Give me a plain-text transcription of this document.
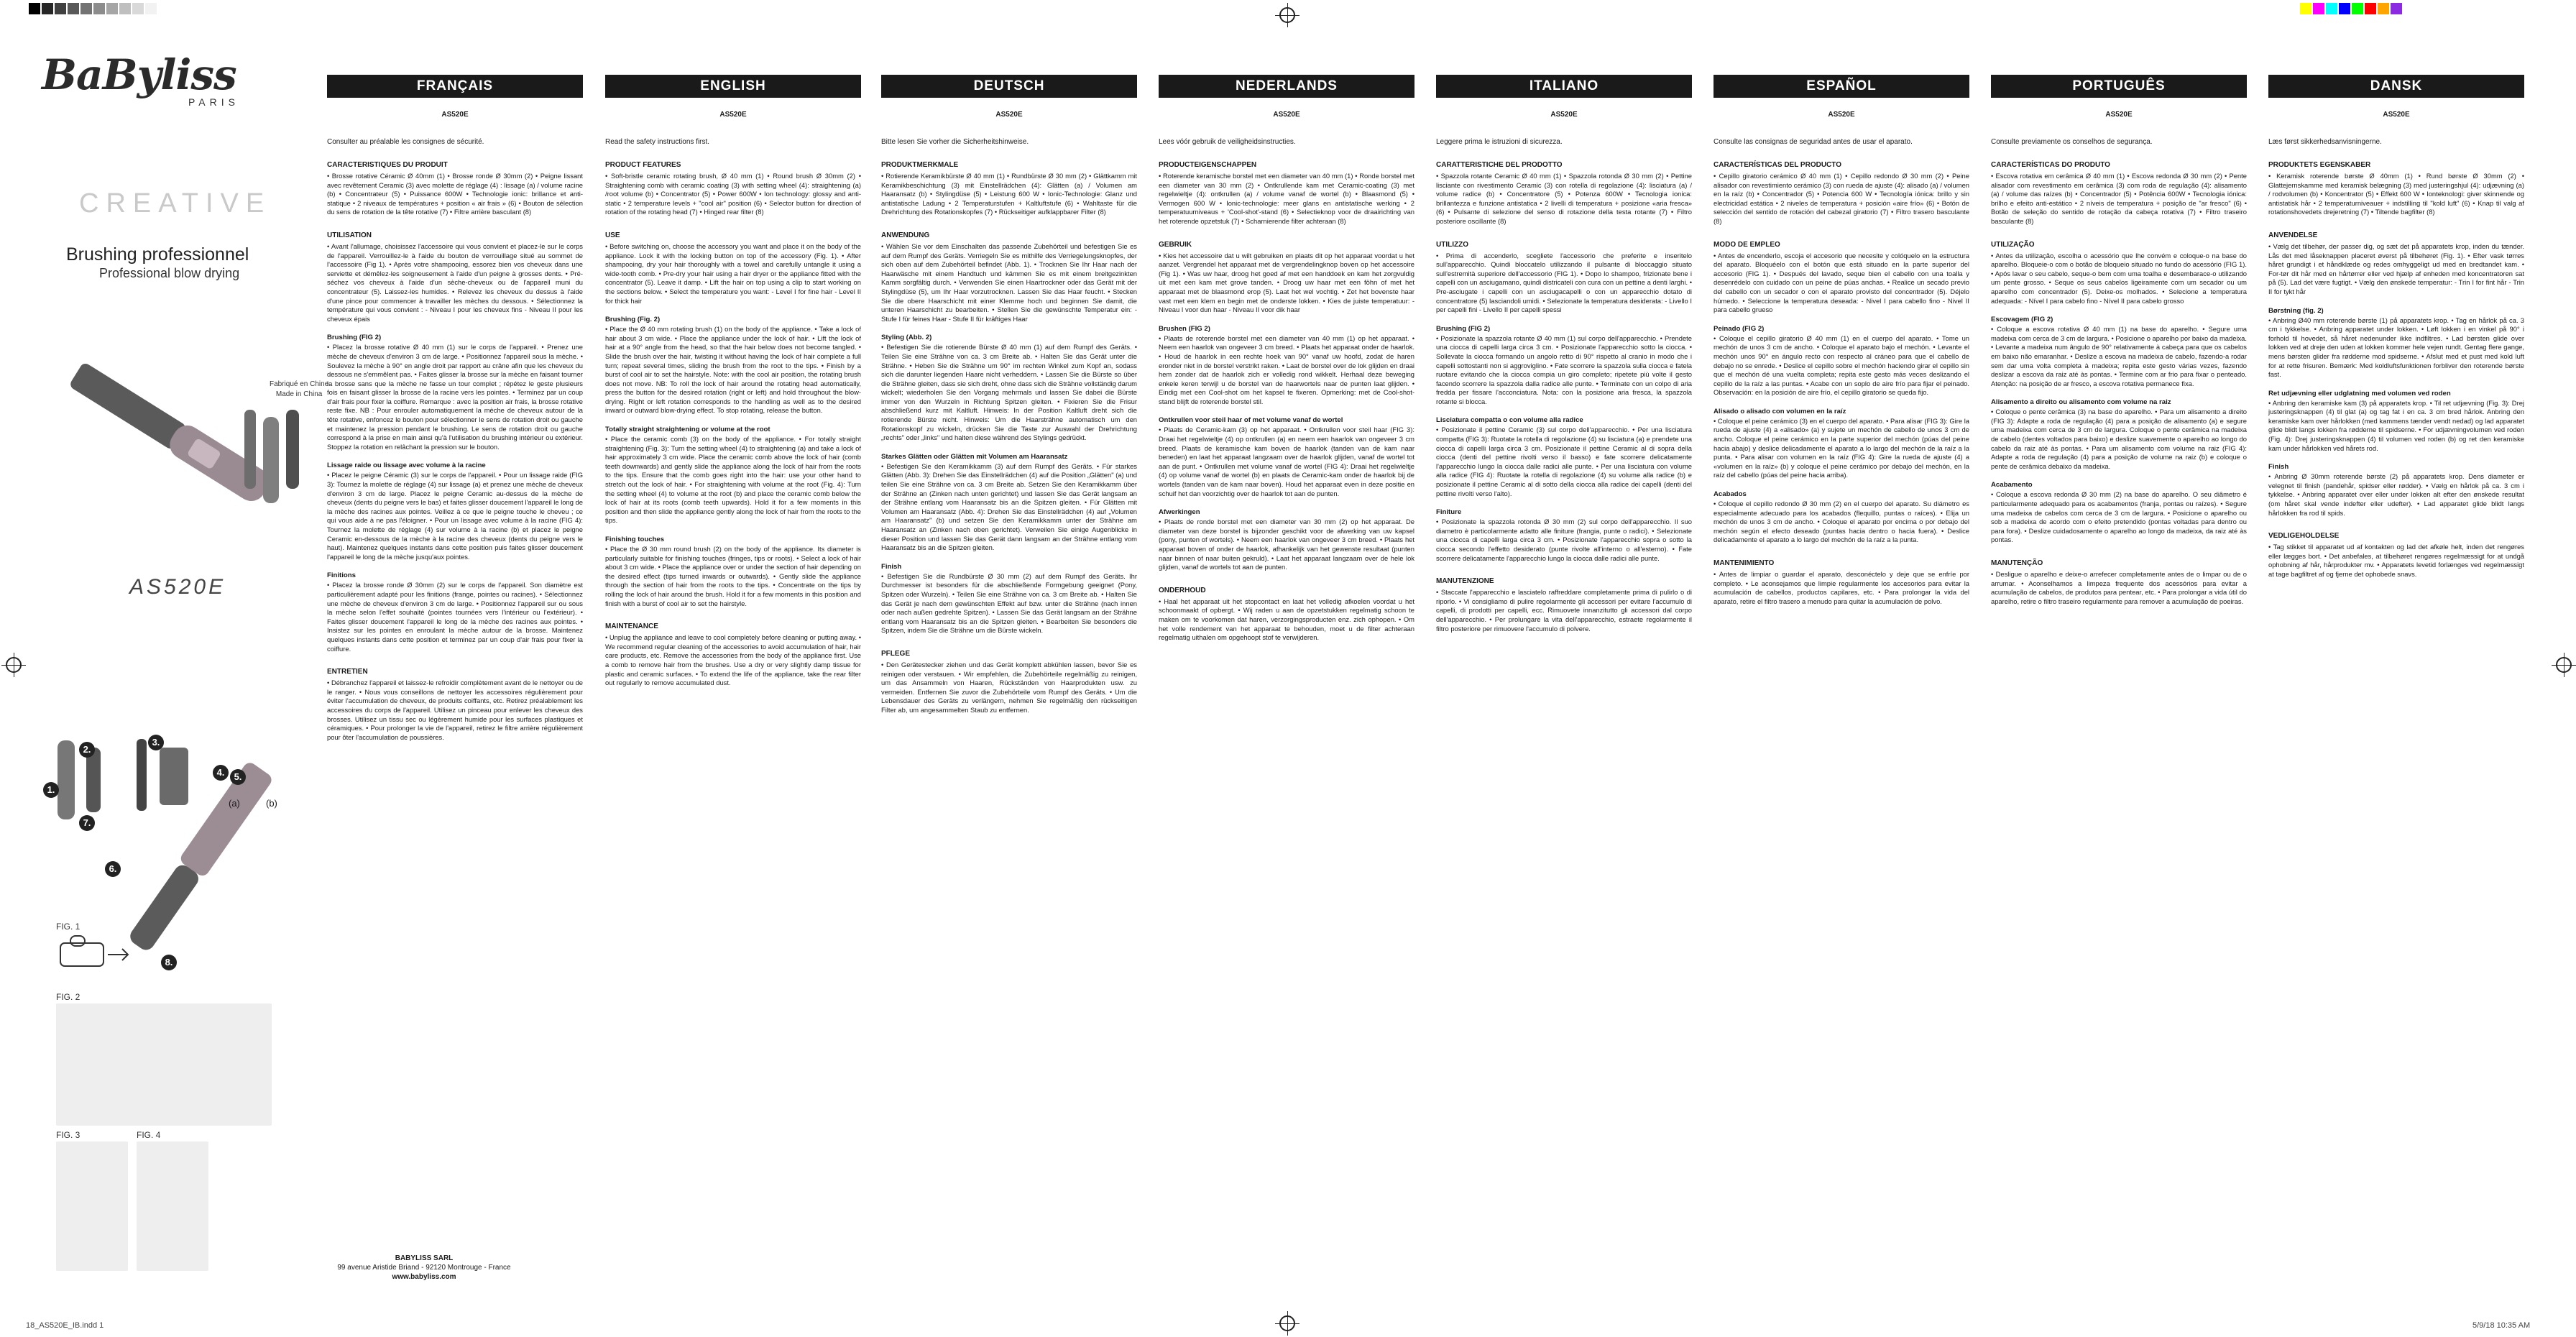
18_AS520E_IB.indd 1	5/9/18 10:35 AM
BaByliss
PARIS
CREATIVE
Brushing professionnel
Professional blow drying
Fabriqué en Chine
Made in China
AS520E
1.
2.
3.
4.	5.
6.
7.
8.
(a)	(b)
FIG. 1
FIG. 2
FIG. 3	FIG. 4
BABYLISS SARL
99 avenue Aristide Briand - 92120 Montrouge - France
www.babyliss.com
FRANÇAIS
AS520E
Consulter au préalable les consignes de sécurité.
CARACTERISTIQUES DU PRODUIT

• Brosse rotative Céramic Ø 40mm (1) • Brosse ronde Ø 30mm (2) • Peigne lissant avec revêtement Ceramic (3) avec molette de réglage (4) : lissage (a) / volume racine (b) • Concentrateur (5) • Puissance 600W • Technologie ionic: brillance et anti-statique • 2 niveaux de températures + position « air frais » (6) • Bouton de sélection du sens de rotation de la tête rotative (7) • Filtre arrière basculant (8)

UTILISATION

• Avant l'allumage, choisissez l'accessoire qui vous convient et placez-le sur le corps de l'appareil. Verrouillez-le à l'aide du bouton de verrouillage situé au sommet de l'accessoire (Fig 1). • Après votre shampooing, essorez bien vos cheveux dans une serviette et démêlez-les soigneusement à l'aide d'un peigne à grosses dents. • Pré-séchez vos cheveux à l'aide d'un sèche-cheveux ou de l'appareil muni du concentrateur (5). Laissez-les humides. • Relevez les cheveux du dessus à l'aide d'une pince pour commencer à travailler les mèches du dessous. • Sélectionnez la température qui vous convient : - Niveau I pour les cheveux fins - Niveau II pour les cheveux épais

Brushing (FIG 2)

• Placez la brosse rotative Ø 40 mm (1) sur le corps de l'appareil. • Prenez une mèche de cheveux d'environ 3 cm de large. • Positionnez l'appareil sous la mèche. • Soulevez la mèche à 90° en angle droit par rapport au crâne afin que les cheveux du dessous ne s'emmêlent pas. • Faites glisser la brosse sur la mèche en faisant tourner la brosse sans que la mèche ne fasse un tour complet ; répétez le geste plusieurs fois en faisant glisser la brosse de la racine vers les pointes. • Terminez par un coup d'air frais pour fixer la coiffure. Remarque : avec la position air frais, la brosse rotative reste fixe. NB : Pour enrouler automatiquement la mèche de cheveux autour de la tête rotative, enfoncez le bouton pour sélectionner le sens de rotation droit ou gauche et maintenez la pression pendant le brushing. Le sens de rotation droit ou gauche correspond à la prise en main ainsi qu'à l'utilisation du brushing intérieur ou extérieur. Stoppez la rotation en relâchant la pression sur le bouton.

Lissage raide ou lissage avec volume à la racine

• Placez le peigne Céramic (3) sur le corps de l'appareil. • Pour un lissage raide (FIG 3): Tournez la molette de réglage (4) sur lissage (a) et prenez une mèche de cheveux d'environ 3 cm de large. Placez le peigne Ceramic au-dessus de la mèche de cheveux (dents du peigne vers le bas) et faites glisser doucement l'appareil le long de la mèche des racines aux pointes. Veillez à ce que le peigne touche le cheveu ; ce qui vous aide à ne pas l'éloigner. • Pour un lissage avec volume à la racine (FIG 4): Tournez la molette de réglage (4) sur volume à la racine (b) et placez le peigne Ceramic en-dessous de la mèche à la racine des cheveux (dents du peigne vers le haut). Maintenez quelques instants dans cette position puis faites glisser doucement l'appareil le long de la mèche jusqu'aux pointes.

Finitions

• Placez la brosse ronde Ø 30mm (2) sur le corps de l'appareil. Son diamètre est particulièrement adapté pour les finitions (frange, pointes ou racines). • Sélectionnez une mèche de cheveux d'environ 3 cm de large. • Positionnez l'appareil sur ou sous la mèche selon l'effet souhaité (pointes tournées vers l'intérieur ou l'extérieur). • Faites glisser doucement l'appareil le long de la mèche des racines aux pointes. • Insistez sur les pointes en enroulant la mèche autour de la brosse. Maintenez quelques instants dans cette position et terminez par un coup d'air frais pour fixer la coiffure.

ENTRETIEN

• Débranchez l'appareil et laissez-le refroidir complètement avant de le nettoyer ou de le ranger. • Nous vous conseillons de nettoyer les accessoires régulièrement pour éviter l'accumulation de cheveux, de produits coiffants, etc. Retirez préalablement les accessoires du corps de l'appareil. Utilisez un pinceau pour enlever les cheveux des brosses. Utilisez un tissu sec ou légèrement humide pour les surfaces plastiques et céramiques. • Pour prolonger la vie de l'appareil, retirez le filtre arrière régulièrement pour ôter l'accumulation de poussières.

ENGLISH
AS520E
Read the safety instructions first.
PRODUCT FEATURES

• Soft-bristle ceramic rotating brush, Ø 40 mm (1) • Round brush Ø 30mm (2) • Straightening comb with ceramic coating (3) with setting wheel (4): straightening (a) /root volume (b) • Concentrator (5) • Power 600W • Ion technology: glossy and anti-static • 2 temperature levels + "cool air" position (6) • Selector button for direction of rotation of the rotating head (7) • Hinged rear filter (8)

USE

• Before switching on, choose the accessory you want and place it on the body of the appliance. Lock it with the locking button on top of the accessory (Fig. 1). • After shampooing, dry your hair thoroughly with a towel and carefully untangle it using a wide-tooth comb. • Pre-dry your hair using a hair dryer or the appliance fitted with the concentrator (5). Leave it damp. • Lift the hair on top using a clip to start working on the sections below. • Select the temperature you want: - Level I for fine hair - Level II for thick hair

Brushing (Fig. 2)

• Place the Ø 40 mm rotating brush (1) on the body of the appliance. • Take a lock of hair about 3 cm wide. • Place the appliance under the lock of hair. • Lift the lock of hair at a 90° angle from the head, so that the hair below does not become tangled. • Slide the brush over the hair, twisting it without having the lock of hair complete a full turn; repeat several times, sliding the brush from the root to the tips. • Finish by a burst of cool air to set the hairstyle. Note: with the cool air position, the rotating brush does not move. NB: To roll the lock of hair around the rotating head automatically, press the button for the desired rotation (right or left) and hold throughout the blow-drying. Right or left rotation corresponds to the handling as well as to the desired inward or outward blow-drying effect. To stop rotating, release the button.

Totally straight straightening or volume at the root

• Place the ceramic comb (3) on the body of the appliance. • For totally straight straightening (Fig. 3): Turn the setting wheel (4) to straightening (a) and take a lock of hair approximately 3 cm wide. Place the ceramic comb above the lock of hair (comb teeth downwards) and gently slide the appliance along the lock of hair from the roots to the tips. Ensure that the comb goes right into the hair: use your other hand to stretch out the lock of hair. • For straightening with volume at the root (Fig. 4): Turn the setting wheel (4) to volume at the root (b) and place the ceramic comb below the lock of hair at its roots (comb teeth upwards). Hold it for a few moments in this position and then slide the appliance gently along the lock of hair from the roots to the tips.

Finishing touches

• Place the Ø 30 mm round brush (2) on the body of the appliance. Its diameter is particularly suitable for finishing touches (fringes, tips or roots). • Select a lock of hair about 3 cm wide. • Place the appliance over or under the section of hair depending on the desired effect (tips turned inwards or outwards). • Gently slide the appliance through the section of hair from the roots to the tips. • Concentrate on the tips by rolling the lock of hair around the brush. Hold it for a few moments in this position and finish with a burst of cool air to set the hairstyle.

MAINTENANCE

• Unplug the appliance and leave to cool completely before cleaning or putting away. • We recommend regular cleaning of the accessories to avoid accumulation of hair, hair care products, etc. Remove the accessories from the body of the appliance first. Use a comb to remove hair from the brushes. Use a dry or very slightly damp tissue for plastic and ceramic surfaces. • To extend the life of the appliance, take the rear filter out regularly to remove accumulated dust.

DEUTSCH
AS520E
Bitte lesen Sie vorher die Sicherheitshinweise.
PRODUKTMERKMALE

• Rotierende Keramikbürste Ø 40 mm (1) • Rundbürste Ø 30 mm (2) • Glättkamm mit Keramikbeschichtung (3) mit Einstellrädchen (4): Glätten (a) / Volumen am Haaransatz (b) • Stylingdüse (5) • Leistung 600 W • Ionic-Technologie: Glanz und antistatische Ladung • 2 Temperaturstufen + Kaltluftstufe (6) • Wahltaste für die Drehrichtung des Rotationskopfes (7) • Rückseitiger aufklappbarer Filter (8)

ANWENDUNG

• Wählen Sie vor dem Einschalten das passende Zubehörteil und befestigen Sie es auf dem Rumpf des Geräts. Verriegeln Sie es mithilfe des Verriegelungsknopfes, der sich oben auf dem Zubehörteil befindet (Abb. 1). • Trocknen Sie Ihr Haar nach der Haarwäsche mit einem Handtuch und kämmen Sie es mit einem breitgezinkten Kamm sorgfältig durch. • Verwenden Sie einen Haartrockner oder das Gerät mit der Stylingdüse (5), um Ihr Haar vorzutrocknen. Lassen Sie das Haar feucht. • Stecken Sie die obere Haarschicht mit einer Klemme hoch und beginnen Sie damit, die unteren Haarschicht zu bearbeiten. • Stellen Sie die gewünschte Temperatur ein: - Stufe I für feines Haar - Stufe II für kräftiges Haar

Styling (Abb. 2)

• Befestigen Sie die rotierende Bürste Ø 40 mm (1) auf dem Rumpf des Geräts. • Teilen Sie eine Strähne von ca. 3 cm Breite ab. • Halten Sie das Gerät unter die Strähne. • Heben Sie die Strähne um 90° im rechten Winkel zum Kopf an, sodass sich die darunter liegenden Haare nicht verheddern. • Lassen Sie die Bürste so über die Strähne gleiten, dass sie sich dreht, ohne dass sich die Strähne vollständig darum wickelt; wiederholen Sie den Vorgang mehrmals und lassen Sie dabei die Bürste immer von den Wurzeln in Richtung Spitzen gleiten. • Fixieren Sie die Frisur abschließend kurz mit Kaltluft. Hinweis: In der Position Kaltluft dreht sich die rotierende Bürste nicht. Hinweis: Um die Haarsträhne automatisch um den Rotationskopf zu wickeln, drücken Sie die Taste zur Auswahl der Drehrichtung „rechts" oder „links" und halten diese während des Stylings gedrückt.

Starkes Glätten oder Glätten mit Volumen am Haaransatz

• Befestigen Sie den Keramikkamm (3) auf dem Rumpf des Geräts. • Für starkes Glätten (Abb. 3): Drehen Sie das Einstellrädchen (4) auf die Position „Glätten" (a) und teilen Sie eine Strähne von ca. 3 cm Breite ab. Setzen Sie den Keramikkamm über der Strähne an (Zinken nach unten gerichtet) und lassen Sie das Gerät langsam an der Strähne entlang vom Haaransatz bis an die Spitzen gleiten. • Für Glätten mit Volumen am Haaransatz (Abb. 4): Drehen Sie das Einstellrädchen (4) auf „Volumen am Haaransatz" (b) und setzen Sie den Keramikkamm unter der Strähne am Haaransatz an (Zinken nach oben gerichtet). Verweilen Sie einige Augenblicke in dieser Position und lassen Sie das Gerät dann langsam an der Strähne entlang vom Haaransatz bis an die Spitzen gleiten.

Finish

• Befestigen Sie die Rundbürste Ø 30 mm (2) auf dem Rumpf des Geräts. Ihr Durchmesser ist besonders für die abschließende Formgebung geeignet (Pony, Spitzen oder Wurzeln). • Teilen Sie eine Strähne von ca. 3 cm Breite ab. • Halten Sie das Gerät je nach dem gewünschten Effekt auf bzw. unter die Strähne (nach innen oder nach außen gedrehte Spitzen). • Lassen Sie das Gerät langsam an der Strähne entlang vom Haaransatz bis an die Spitzen gleiten. • Bearbeiten Sie besonders die Spitzen, indem Sie die Strähne um die Bürste wickeln.

PFLEGE

• Den Gerätestecker ziehen und das Gerät komplett abkühlen lassen, bevor Sie es reinigen oder verstauen. • Wir empfehlen, die Zubehörteile regelmäßig zu reinigen, um das Ansammeln von Haaren, Rückständen von Haarprodukten usw. zu vermeiden. Entfernen Sie zuvor die Zubehörteile vom Rumpf des Geräts. • Um die Lebensdauer des Geräts zu verlängern, nehmen Sie regelmäßig den rückseitigen Filter ab, um angesammelten Staub zu entfernen.

NEDERLANDS
AS520E
Lees vóór gebruik de veiligheidsinstructies.
PRODUCTEIGENSCHAPPEN

• Roterende keramische borstel met een diameter van 40 mm (1) • Ronde borstel met een diameter van 30 mm (2) • Ontkrullende kam met Ceramic-coating (3) met regelwieltje (4): ontkrullen (a) / volume vanaf de wortel (b) • Blaasmond (5) • Vermogen 600 W • Ionic-technologie: meer glans en antistatische werking • 2 temperatuurniveaus + 'Cool-shot'-stand (6) • Selectieknop voor de draairichting van het roterende opzetstuk (7) • Scharnierende filter achteraan (8)

GEBRUIK

• Kies het accessoire dat u wilt gebruiken en plaats dit op het apparaat voordat u het aanzet. Vergrendel het apparaat met de vergrendelingknop boven op het accessoire (Fig 1). • Was uw haar, droog het goed af met een handdoek en kam het zorgvuldig uit met een kam met grove tanden. • Droog uw haar met een föhn of met het apparaat met de blaasmond erop (5). Laat het wel vochtig. • Zet het bovenste haar vast met een klem en begin met de onderste lokken. • Kies de juiste temperatuur: - Niveau I voor dun haar - Niveau II voor dik haar

Brushen (FIG 2)

• Plaats de roterende borstel met een diameter van 40 mm (1) op het apparaat. • Neem een haarlok van ongeveer 3 cm breed. • Plaats het apparaat onder de haarlok. • Houd de haarlok in een rechte hoek van 90° vanaf uw hoofd, zodat de haren eronder niet in de borstel verstrikt raken. • Laat de borstel over de lok glijden en draai hem zonder dat de haarlok zich er volledig rond wikkelt. Herhaal deze beweging enkele keren terwijl u de borstel van de haarwortels naar de punten laat glijden. • Eindig met een Cool-shot om het kapsel te fixeren. Opmerking: met de Cool-shot-stand blijft de roterende borstel stil.

Ontkrullen voor steil haar of met volume vanaf de wortel

• Plaats de Ceramic-kam (3) op het apparaat. • Ontkrullen voor steil haar (FIG 3): Draai het regelwieltje (4) op ontkrullen (a) en neem een haarlok van ongeveer 3 cm breed. Plaats de keramische kam boven de haarlok (tanden van de kam naar beneden) en laat het apparaat langzaam over de haarlok glijden, vanaf de wortel tot aan de punt. • Ontkrullen met volume vanaf de wortel (FIG 4): Draai het regelwieltje (4) op volume vanaf de wortel (b) en plaats de Ceramic-kam onder de haarlok bij de wortels (tanden van de kam naar boven). Houd het apparaat even in deze positie en schuif het dan voorzichtig over de haarlok tot aan de punten.

Afwerkingen

• Plaats de ronde borstel met een diameter van 30 mm (2) op het apparaat. De diameter van deze borstel is bijzonder geschikt voor de afwerking van uw kapsel (pony, punten of wortels). • Neem een haarlok van ongeveer 3 cm breed. • Plaats het apparaat boven of onder de haarlok, afhankelijk van het gewenste resultaat (punten naar binnen of naar buiten gekruld). • Laat het apparaat langzaam over de hele lok glijden, vanaf de wortels tot aan de punten.

ONDERHOUD

• Haal het apparaat uit het stopcontact en laat het volledig afkoelen voordat u het schoonmaakt of opbergt. • Wij raden u aan de opzetstukken regelmatig schoon te maken om te voorkomen dat haren, verzorgingsproducten enz. zich ophopen. • Om het volle rendement van het apparaat te behouden, moet u de filter achteraan regelmatig uithalen om opgehoopt stof te verwijderen.

ITALIANO
AS520E
Leggere prima le istruzioni di sicurezza.
CARATTERISTICHE DEL PRODOTTO

• Spazzola rotante Ceramic Ø 40 mm (1) • Spazzola rotonda Ø 30 mm (2) • Pettine lisciante con rivestimento Ceramic (3) con rotella di regolazione (4): lisciatura (a) / volume radice (b) • Concentratore (5) • Potenza 600W • Tecnologia ionica: brillantezza e funzione antistatica • 2 livelli di temperatura + posizione «aria fresca» (6) • Pulsante di selezione del senso di rotazione della testa rotante (7) • Filtro posteriore oscillante (8)

UTILIZZO

• Prima di accenderlo, scegliete l'accessorio che preferite e inseritelo sull'apparecchio. Quindi bloccatelo utilizzando il pulsante di bloccaggio situato sull'estremità superiore dell'accessorio (FIG 1). • Dopo lo shampoo, frizionate bene i capelli con un asciugamano, quindi districateli con cura con un pettine a denti larghi. • Pre-asciugate i capelli con un asciugacapelli o con un apparecchio dotato di concentratore (5) lasciandoli umidi. • Selezionate la temperatura desiderata: - Livello I per capelli fini - Livello II per capelli spessi

Brushing (FIG 2)

• Posizionate la spazzola rotante Ø 40 mm (1) sul corpo dell'apparecchio. • Prendete una ciocca di capelli larga circa 3 cm. • Posizionate l'apparecchio sotto la ciocca. • Sollevate la ciocca formando un angolo retto di 90° rispetto al cranio in modo che i capelli sottostanti non si aggroviglino. • Fate scorrere la spazzola sulla ciocca e fatela ruotare evitando che la ciocca compia un giro completo; ripetete più volte il gesto facendo scorrere la spazzola dalla radice alle punte. • Terminate con un colpo di aria fredda per fissare l'acconciatura. Nota: con la posizione aria fresca, la spazzola rotante si blocca.

Lisciatura compatta o con volume alla radice

• Posizionate il pettine Ceramic (3) sul corpo dell'apparecchio. • Per una lisciatura compatta (FIG 3): Ruotate la rotella di regolazione (4) su lisciatura (a) e prendete una ciocca di capelli larga circa 3 cm. Posizionate il pettine Ceramic al di sopra della ciocca (denti del pettine rivolti verso il basso) e fate scorrere delicatamente l'apparecchio lungo la ciocca dalle radici alle punte. • Per una lisciatura con volume alla radice (FIG 4): Ruotate la rotella di regolazione (4) su volume alla radice (b) e posizionate il pettine Ceramic al di sotto della ciocca alla radice dei capelli (denti del pettine rivolti verso l'alto).

Finiture

• Posizionate la spazzola rotonda Ø 30 mm (2) sul corpo dell'apparecchio. Il suo diametro è particolarmente adatto alle finiture (frangia, punte o radici). • Selezionate una ciocca di capelli larga circa 3 cm. • Posizionate l'apparecchio sopra o sotto la ciocca secondo l'effetto desiderato (punte rivolte all'interno o all'esterno). • Fate scorrere delicatamente l'apparecchio lungo la ciocca dalle radici alle punte.

MANUTENZIONE

• Staccate l'apparecchio e lasciatelo raffreddare completamente prima di pulirlo o di riporlo. • Vi consigliamo di pulire regolarmente gli accessori per evitare l'accumulo di capelli, di prodotti per capelli, ecc. Rimuovete innanzitutto gli accessori dal corpo dell'apparecchio. • Per prolungare la vita dell'apparecchio, estraete regolarmente il filtro posteriore per rimuovere l'accumulo di polvere.

ESPAÑOL
AS520E
Consulte las consignas de seguridad antes de usar el aparato.
CARACTERÍSTICAS DEL PRODUCTO

• Cepillo giratorio cerámico Ø 40 mm (1) • Cepillo redondo Ø 30 mm (2) • Peine alisador con revestimiento cerámico (3) con rueda de ajuste (4): alisado (a) / volumen en la raíz (b) • Concentrador (5) • Potencia 600 W • Tecnología iónica: brillo y sin electricidad estática • 2 niveles de temperatura + posición «aire frío» (6) • Botón de selección del sentido de rotación del cabezal giratorio (7) • Filtro trasero basculante (8)

MODO DE EMPLEO

• Antes de encenderlo, escoja el accesorio que necesite y colóquelo en la estructura del aparato. Bloquéelo con el botón que está situado en la parte superior del accesorio (FIG 1). • Después del lavado, seque bien el cabello con una toalla y desenrédelo con cuidado con un peine de púas anchas. • Realice un secado previo del cabello con un secador o con el aparato provisto del concentrador (5). Déjelo húmedo. • Seleccione la temperatura deseada: - Nivel I para cabello fino - Nivel II para cabello grueso

Peinado (FIG 2)

• Coloque el cepillo giratorio Ø 40 mm (1) en el cuerpo del aparato. • Tome un mechón de unos 3 cm de ancho. • Coloque el aparato bajo el mechón. • Levante el mechón unos 90° en ángulo recto con respecto al cráneo para que el cabello de debajo no se enrede. • Deslice el cepillo sobre el mechón haciendo girar el cepillo sin que el mechón dé una vuelta completa; repita este gesto más veces deslizando el cepillo de la raíz a las puntas. • Acabe con un soplo de aire frío para fijar el peinado. Observación: en la posición de aire frío, el cepillo giratorio se queda fijo.

Alisado o alisado con volumen en la raíz

• Coloque el peine cerámico (3) en el cuerpo del aparato. • Para alisar (FIG 3): Gire la rueda de ajuste (4) a «alisado» (a) y sujete un mechón de cabello de unos 3 cm de ancho. Coloque el peine cerámico en la parte superior del mechón (púas del peine hacia abajo) y deslice delicadamente el aparato a lo largo del mechón de la raíz a la punta. • Para alisar con volumen en la raíz (FIG 4): Gire la rueda de ajuste (4) a «volumen en la raíz» (b) y coloque el peine cerámico por debajo del mechón, en la raíz del cabello (púas del peine hacia arriba).

Acabados

• Coloque el cepillo redondo Ø 30 mm (2) en el cuerpo del aparato. Su diámetro es especialmente adecuado para los acabados (flequillo, puntas o raíces). • Elija un mechón de unos 3 cm de ancho. • Coloque el aparato por encima o por debajo del mechón según el efecto deseado (puntas hacia dentro o hacia fuera). • Deslice delicadamente el aparato a lo largo del mechón de la raíz a la punta.

MANTENIMIENTO

• Antes de limpiar o guardar el aparato, desconéctelo y deje que se enfríe por completo. • Le aconsejamos que limpie regularmente los accesorios para evitar la acumulación de cabellos, productos capilares, etc. • Para prolongar la vida del aparato, retire el filtro trasero a menudo para quitar la acumulación de polvo.

PORTUGUÊS
AS520E
Consulte previamente os conselhos de segurança.
CARACTERÍSTICAS DO PRODUTO

• Escova rotativa em cerâmica Ø 40 mm (1) • Escova redonda Ø 30 mm (2) • Pente alisador com revestimento em cerâmica (3) com roda de regulação (4): alisamento (a) / volume das raízes (b) • Concentrador (5) • Potência 600W • Tecnologia iónica: brilho e efeito anti-estático • 2 níveis de temperatura + posição de "ar fresco" (6) • Botão de seleção do sentido de rotação da cabeça rotativa (7) • Filtro traseiro basculante (8)

UTILIZAÇÃO

• Antes da utilização, escolha o acessório que lhe convém e coloque-o na base do aparelho. Bloqueie-o com o botão de bloqueio situado no fundo do acessório (FIG 1). • Após lavar o seu cabelo, seque-o bem com uma toalha e desembarace-o utilizando um pente grosso. • Seque os seus cabelos ligeiramente com um secador ou um aparelho com concentrador (5). Deixe-os molhados. • Selecione a temperatura adequada: - Nível I para cabelo fino - Nível II para cabelo grosso

Escovagem (FIG 2)

• Coloque a escova rotativa Ø 40 mm (1) na base do aparelho. • Segure uma madeixa com cerca de 3 cm de largura. • Posicione o aparelho por baixo da madeixa. • Levante a madeixa num ângulo de 90° relativamente à cabeça para que os cabelos em baixo não emaranhar. • Deslize a escova na madeixa de cabelo, fazendo-a rodar sem dar uma volta completa à madeixa; repita este gesto várias vezes, fazendo deslizar a escova da raiz até às pontas. • Termine com ar frio para fixar o penteado. Atenção: na posição de ar fresco, a escova rotativa permanece fixa.

Alisamento a direito ou alisamento com volume na raiz

• Coloque o pente cerâmica (3) na base do aparelho. • Para um alisamento a direito (FIG 3): Adapte a roda de regulação (4) para a posição de alisamento (a) e segure uma madeixa com cerca de 3 cm de largura. Coloque o pente cerâmica na madeixa de cabelo (dentes voltados para baixo) e deslize suavemente o aparelho ao longo do cabelo da raiz até às pontas. • Para um alisamento com volume na raiz (FIG 4): Adapte a roda de regulação (4) para a posição de volume na raiz (b) e coloque o pente de cerâmica debaixo da madeixa.

Acabamento

• Coloque a escova redonda Ø 30 mm (2) na base do aparelho. O seu diâmetro é particularmente adequado para os acabamentos (franja, pontas ou raízes). • Segure uma madeixa de cabelos com cerca de 3 cm de largura. • Posicione o aparelho ou sob a madeixa de acordo com o efeito pretendido (pontas voltadas para dentro ou para fora). • Deslize cuidadosamente o aparelho ao longo da madeixa, da raiz até às pontas.

MANUTENÇÃO

• Desligue o aparelho e deixe-o arrefecer completamente antes de o limpar ou de o arrumar. • Aconselhamos a limpeza frequente dos acessórios para evitar a acumulação de cabelos, de produtos para pentear, etc. • Para prolongar a vida útil do aparelho, retire o filtro traseiro regularmente para remover a acumulação de poeiras.

DANSK
AS520E
Læs først sikkerhedsanvisningerne.
PRODUKTETS EGENSKABER

• Keramisk roterende børste Ø 40mm (1) • Rund børste Ø 30mm (2) • Glattejernskamme med keramisk belægning (3) med justeringshjul (4): udjævning (a) / rodvolumen (b) • Koncentrator (5) • Effekt 600 W • Ionteknologi: giver skinnende og antistatisk hår • 2 temperaturniveauer + indstilling til "kold luft" (6) • Knap til valg af rotationshovedets drejeretning (7) • Tiltende bagfilter (8)

ANVENDELSE

• Vælg det tilbehør, der passer dig, og sæt det på apparatets krop, inden du tænder. Lås det med låseknappen placeret øverst på tilbehøret (Fig. 1). • Efter vask tørres håret grundigt i et håndklæde og redes omhyggeligt ud med en bredtandet kam. • For-tør dit hår med en hårtørrer eller ved hjælp af enheden med koncentratoren sat på (5). Lad det være fugtigt. • Vælg den ønskede temperatur: - Trin I for fint hår - Trin II for tykt hår

Børstning (fig. 2)

• Anbring Ø40 mm roterende børste (1) på apparatets krop. • Tag en hårlok på ca. 3 cm i tykkelse. • Anbring apparatet under lokken. • Løft lokken i en vinkel på 90° i forhold til hovedet, så håret nedenunder ikke indfiltres. • Lad børsten glide over lokken ved at dreje den uden at lokken kommer hele vejen rundt. Gentag flere gange, mens børsten glider fra rødderne mod spidserne. • Afslut med et pust med kold luft for at rette frisuren. Bemærk: Med koldluftsfunktionen forbliver den roterende børste fast.

Ret udjævning eller udglatning med volumen ved roden

• Anbring den keramiske kam (3) på apparatets krop. • Til ret udjævning (Fig. 3): Drej justeringsknappen (4) til glat (a) og tag fat i en ca. 3 cm bred hårlok. Anbring den keramiske kam over hårlokken (med kammens tænder vendt nedad) og lad apparatet glide blidt langs lokken fra rødderne til spidserne. • For udjævningvolumen ved roden (Fig. 4): Drej justeringsknappen (4) til volumen ved roden (b) og ret den keramiske kam under hårlokken ved hårets rod.

Finish

• Anbring Ø 30mm roterende børste (2) på apparatets krop. Dens diameter er velegnet til finish (pandehår, spidser eller rødder). • Vælg en hårlok på ca. 3 cm i tykkelse. • Anbring apparatet over eller under lokken alt efter den ønskede resultat (om håret skal vende indefter eller udefter). • Lad apparatet glide blidt langs hårlokken fra rod til spids.

VEDLIGEHOLDELSE

• Tag stikket til apparatet ud af kontakten og lad det afkøle helt, inden det rengøres eller lægges bort. • Det anbefales, at tilbehøret rengøres regelmæssigt for at undgå ophobning af hår, hårprodukter mv. • Apparatets levetid forlænges ved regelmæssigt at tage bagfiltret af og fjerne det ophobede snavs.
